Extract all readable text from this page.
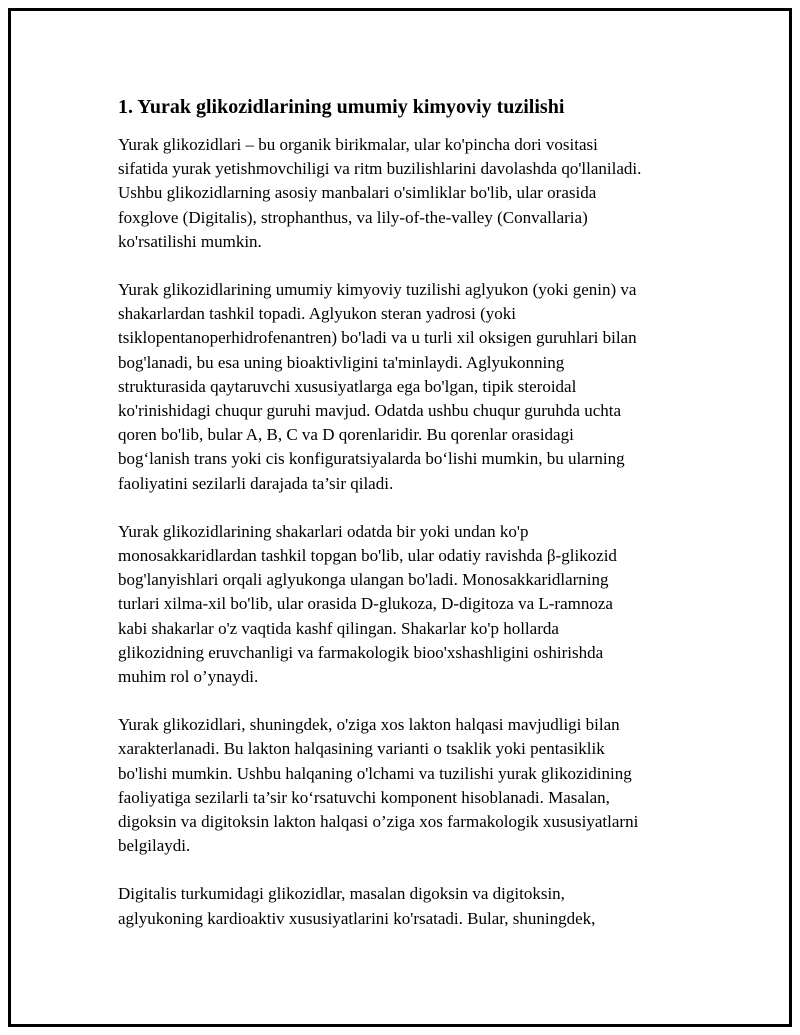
1. Yurak glikozidlarining umumiy kimyoviy tuzilishi

Yurak glikozidlari – bu organik birikmalar, ular ko'pincha dori vositasi
sifatida yurak yetishmovchiligi va ritm buzilishlarini davolashda qo'llaniladi.
Ushbu glikozidlarning asosiy manbalari o'simliklar bo'lib, ular orasida
foxglove (Digitalis), strophanthus, va lily-of-the-valley (Convallaria)
ko'rsatilishi mumkin.

Yurak glikozidlarining umumiy kimyoviy tuzilishi aglyukon (yoki genin) va
shakarlardan tashkil topadi. Aglyukon steran yadrosi (yoki
tsiklopentanoperhidrofenantren) bo'ladi va u turli xil oksigen guruhlari bilan
bog'lanadi, bu esa uning bioaktivligini ta'minlaydi. Aglyukonning
strukturasida qaytaruvchi xususiyatlarga ega bo'lgan, tipik steroidal
ko'rinishidagi chuqur guruhi mavjud. Odatda ushbu chuqur guruhda uchta
qoren bo'lib, bular A, B, C va D qorenlaridir. Bu qorenlar orasidagi
bog‘lanish trans yoki cis konfiguratsiyalarda bo‘lishi mumkin, bu ularning
faoliyatini sezilarli darajada ta’sir qiladi.

Yurak glikozidlarining shakarlari odatda bir yoki undan ko'p
monosakkaridlardan tashkil topgan bo'lib, ular odatiy ravishda β-glikozid
bog'lanyishlari orqali aglyukonga ulangan bo'ladi. Monosakkaridlarning
turlari xilma-xil bo'lib, ular orasida D-glukoza, D-digitoza va L-ramnoza
kabi shakarlar o'z vaqtida kashf qilingan. Shakarlar ko'p hollarda
glikozidning eruvchanligi va farmakologik bioo'xshashligini oshirishda
muhim rol o’ynaydi.

Yurak glikozidlari, shuningdek, o'ziga xos lakton halqasi mavjudligi bilan
xarakterlanadi. Bu lakton halqasining varianti o tsaklik yoki pentasiklik
bo'lishi mumkin. Ushbu halqaning o'lchami va tuzilishi yurak glikozidining
faoliyatiga sezilarli ta’sir ko‘rsatuvchi komponent hisoblanadi. Masalan,
digoksin va digitoksin lakton halqasi o’ziga xos farmakologik xususiyatlarni
belgilaydi.

Digitalis turkumidagi glikozidlar, masalan digoksin va digitoksin,
aglyukoning kardioaktiv xususiyatlarini ko'rsatadi. Bular, shuningdek,
